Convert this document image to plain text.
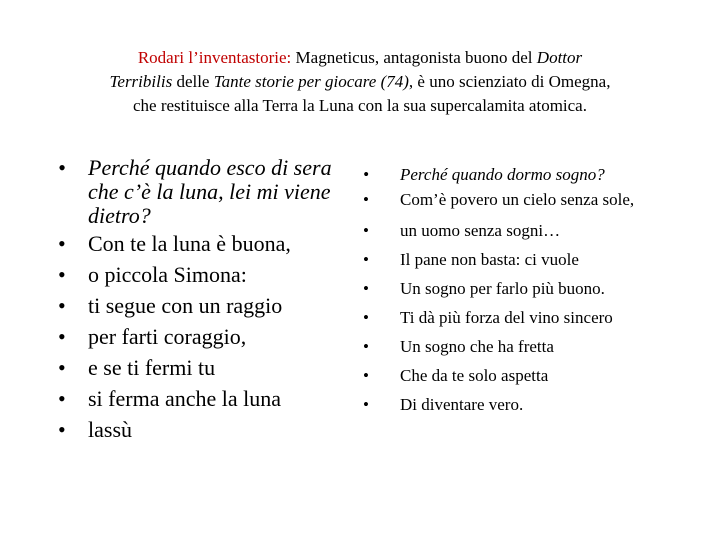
Rodari l’inventastorie: Magneticus, antagonista buono del Dottor
Terribilis delle Tante storie per giocare (74), è uno scienziato di Omegna,
che restituisce alla Terra la Luna con la sua supercalamita atomica.
• Perché quando esco di sera che c’è la luna, lei mi viene dietro?
• Con te la luna è buona,
• o piccola Simona:
• ti segue con un raggio
• per farti coraggio,
• e se ti fermi tu
• si ferma anche la luna
• lassù
• Perché quando dormo sogno?
• Com’è povero un cielo senza sole,
• un uomo senza sogni…
• Il pane non basta: ci vuole
• Un sogno per farlo più buono.
• Ti dà più forza del vino sincero
• Un sogno che ha fretta
• Che da te solo aspetta
• Di diventare vero.
